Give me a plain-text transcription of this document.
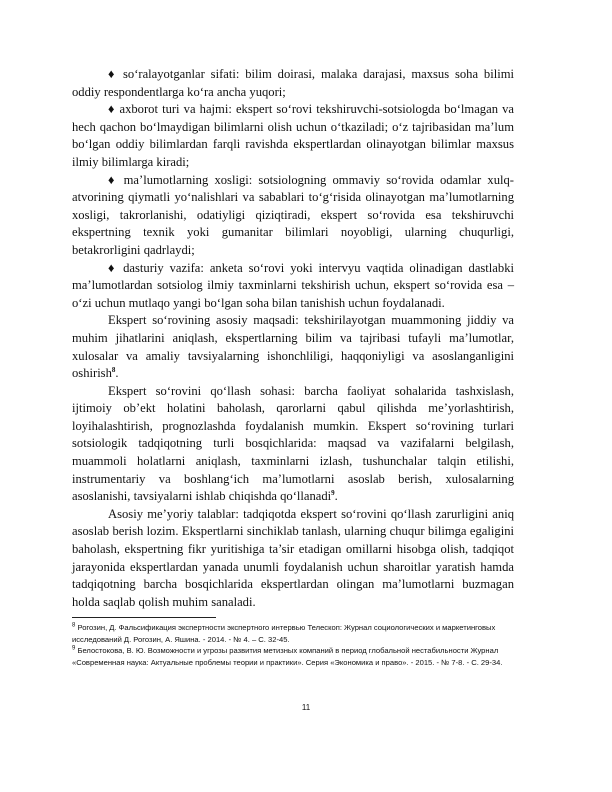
♦ so‘ralayotganlar sifati: bilim doirasi, malaka darajasi, maxsus soha bilimi oddiy respondentlarga ko‘ra ancha yuqori;

♦ axborot turi va hajmi: ekspert so‘rovi tekshiruvchi-sotsiologda bo‘lmagan va hech qachon bo‘lmaydigan bilimlarni olish uchun o‘tkaziladi; o‘z tajribasidan ma’lum bo‘lgan oddiy bilimlardan farqli ravishda ekspertlardan olinayotgan bilimlar maxsus ilmiy bilimlarga kiradi;

♦ ma’lumotlarning xosligi: sotsiologning ommaviy so‘rovida odamlar xulq-atvorining qiymatli yo‘nalishlari va sabablari to‘g‘risida olinayotgan ma’lumotlarning xosligi, takrorlanishi, odatiyligi qiziqtiradi, ekspert so‘rovida esa tekshiruvchi ekspertning texnik yoki gumanitar bilimlari noyobligi, ularning chuqurligi, betakrorligini qadrlaydi;

♦ dasturiy vazifa: anketa so‘rovi yoki intervyu vaqtida olinadigan dastlabki ma’lumotlardan sotsiolog ilmiy taxminlarni tekshirish uchun, ekspert so‘rovida esa – o‘zi uchun mutlaqo yangi bo‘lgan soha bilan tanishish uchun foydalanadi.

Ekspert so‘rovining asosiy maqsadi: tekshirilayotgan muammoning jiddiy va muhim jihatlarini aniqlash, ekspertlarning bilim va tajribasi tufayli ma’lumotlar, xulosalar va amaliy tavsiyalarning ishonchliligi, haqqoniyligi va asoslanganligini oshirish$^8$.

Ekspert so‘rovini qo‘llash sohasi: barcha faoliyat sohalarida tashxislash, ijtimoiy ob’ekt holatini baholash, qarorlarni qabul qilishda me’yorlashtirish, loyihalashtirish, prognozlashda foydalanish mumkin. Ekspert so‘rovining turlari sotsiologik tadqiqotning turli bosqichlarida: maqsad va vazifalarni belgilash, muammoli holatlarni aniqlash, taxminlarni izlash, tushunchalar talqin etilishi, instrumentariy va boshlang‘ich ma’lumotlarni asoslab berish, xulosalarning asoslanishi, tavsiyalarni ishlab chiqishda qo‘llanadi$^9$.

Asosiy me’yoriy talablar: tadqiqotda ekspert so‘rovini qo‘llash zarurligini aniq asoslab berish lozim. Ekspertlarni sinchiklab tanlash, ularning chuqur bilimga egaligini baholash, ekspertning fikr yuritishiga ta’sir etadigan omillarni hisobga olish, tadqiqot jarayonida ekspertlardan yanada unumli foydalanish uchun sharoitlar yaratish hamda tadqiqotning barcha bosqichlarida ekspertlardan olingan ma’lumotlarni buzmagan holda saqlab qolish muhim sanaladi.

$^8$ Рогозин, Д. Фальсификация экспертности экспертного интервью Телескоп: Журнал социологических и маркетинговых исследований Д. Рогозин, А. Яшина. - 2014. - № 4. – С. 32-45.

$^9$ Белостокова, В. Ю. Возможности и угрозы развития метизных компаний в период глобальной нестабильности Журнал «Современная наука: Актуальные проблемы теории и практики». Серия «Экономика и право». - 2015. - № 7-8. - С. 29-34.

11
